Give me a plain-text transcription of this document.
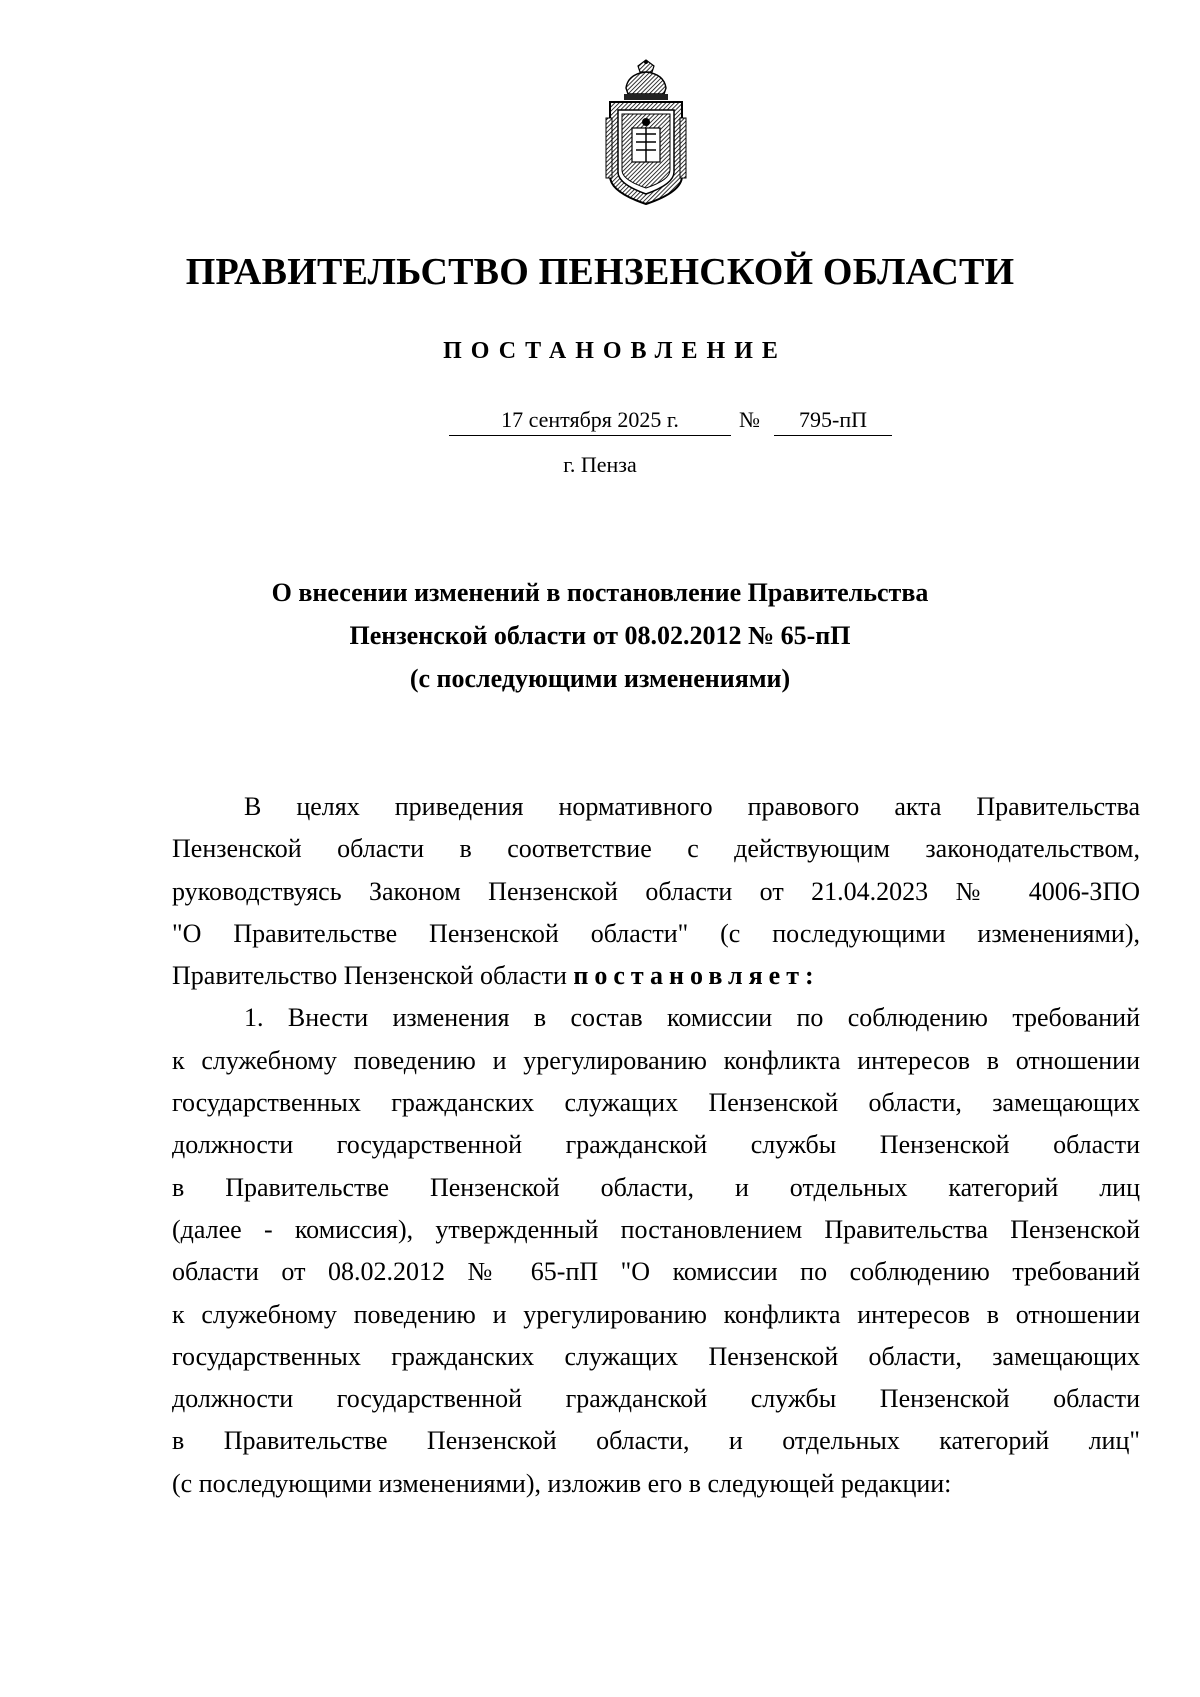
ПРАВИТЕЛЬСТВО ПЕНЗЕНСКОЙ ОБЛАСТИ
ПОСТАНОВЛЕНИЕ
17 сентября 2025 г.	№	795-пП
г. Пенза
О внесении изменений в постановление Правительства
Пензенской области от 08.02.2012 № 65-пП
(с последующими изменениями)
В целях приведения нормативного правового акта Правительства
Пензенской области в соответствие с действующим законодательством,
руководствуясь Законом Пензенской области от 21.04.2023 № 4006-ЗПО
"О Правительстве Пензенской области" (с последующими изменениями),
Правительство Пензенской области постановляет:
1. Внести изменения в состав комиссии по соблюдению требований
к служебному поведению и урегулированию конфликта интересов в отношении
государственных гражданских служащих Пензенской области, замещающих
должности государственной гражданской службы Пензенской области
в Правительстве Пензенской области, и отдельных категорий лиц
(далее - комиссия), утвержденный постановлением Правительства Пензенской
области от 08.02.2012 № 65-пП "О комиссии по соблюдению требований
к служебному поведению и урегулированию конфликта интересов в отношении
государственных гражданских служащих Пензенской области, замещающих
должности государственной гражданской службы Пензенской области
в Правительстве Пензенской области, и отдельных категорий лиц"
(с последующими изменениями), изложив его в следующей редакции:
